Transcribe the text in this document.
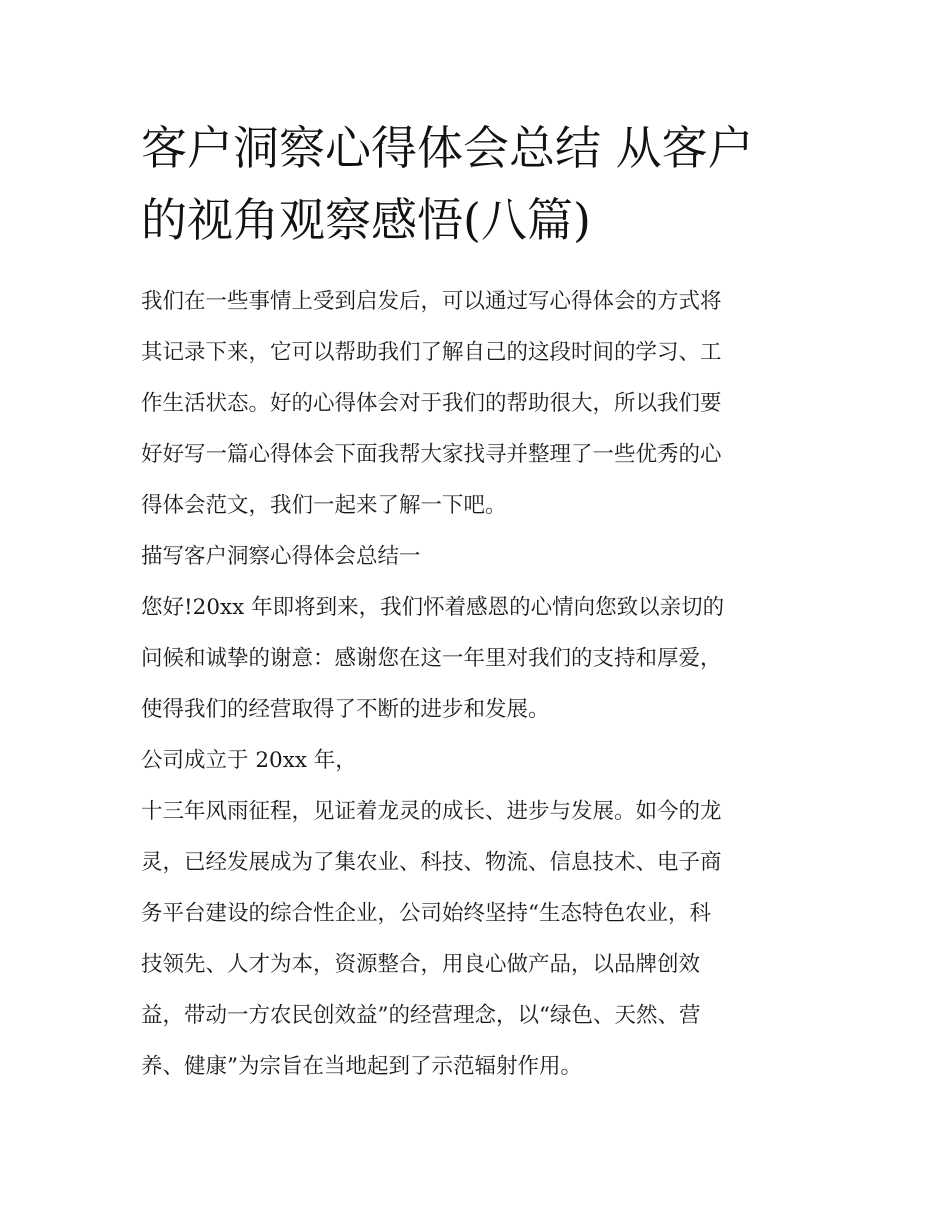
客户洞察心得体会总结 从客户
的视角观察感悟(八篇)

我们在一些事情上受到启发后，可以通过写心得体会的方式将
其记录下来，它可以帮助我们了解自己的这段时间的学习、工
作生活状态。好的心得体会对于我们的帮助很大，所以我们要
好好写一篇心得体会下面我帮大家找寻并整理了一些优秀的心
得体会范文，我们一起来了解一下吧。

描写客户洞察心得体会总结一

您好!20xx 年即将到来，我们怀着感恩的心情向您致以亲切的
问候和诚挚的谢意：感谢您在这一年里对我们的支持和厚爱，
使得我们的经营取得了不断的进步和发展。

公司成立于 20xx 年，

十三年风雨征程，见证着龙灵的成长、进步与发展。如今的龙
灵，已经发展成为了集农业、科技、物流、信息技术、电子商
务平台建设的综合性企业，公司始终坚持“生态特色农业，科
技领先、人才为本，资源整合，用良心做产品，以品牌创效
益，带动一方农民创效益”的经营理念，以“绿色、天然、营
养、健康”为宗旨在当地起到了示范辐射作用。
